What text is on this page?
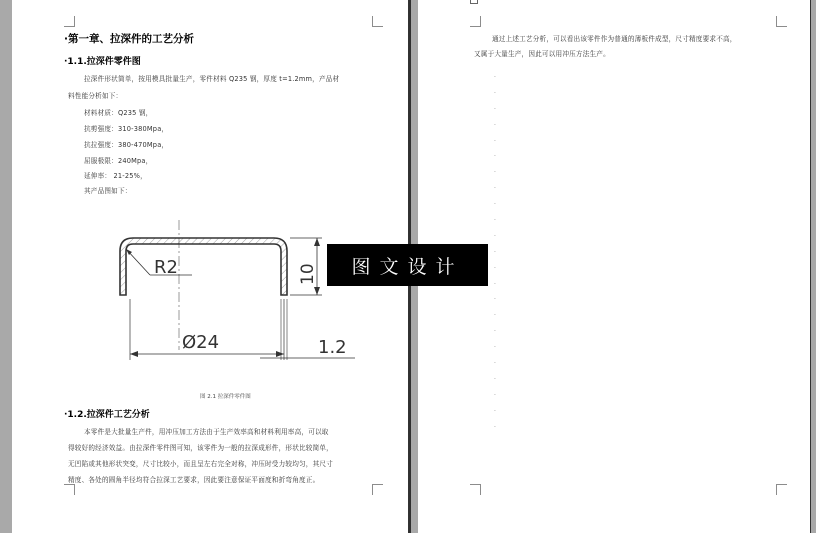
·第一章、拉深件的工艺分析
·1.1.拉深件零件图
拉深件形状简单，按用模具批量生产，零件材料 Q235 钢，厚度 t=1.2mm，产品材
料性能分析如下：
材料材质：Q235 钢，
抗剪强度：310-380Mpa，
抗拉强度：380-470Mpa，
屈服极限：240Mpa，
延伸率： 21-25%，
其产品图如下：
R2	10
Ø24	1.2
图 2.1 拉深件零件图
·1.2.拉深件工艺分析
本零件是大批量生产件，用冲压加工方法由于生产效率高和材料利用率高，可以取
得较好的经济效益。由拉深件零件图可知，该零件为一般的拉深成形件，形状比较简单，
无凹陷或其他形状突变，尺寸比较小，而且呈左右完全对称，冲压时受力较均匀，其尺寸
精度、各处的圆角半径均符合拉深工艺要求，因此要注意保证平面度和折弯角度正。
通过上述工艺分析，可以看出该零件作为普通的薄板件成型，尺寸精度要求不高，
又属于大量生产，因此可以用冲压方法生产。
.
.
.
.
.
.
.
.
.
.
.
.
.
.
.
.
.
.
.
.
.
.
.
图文设计
